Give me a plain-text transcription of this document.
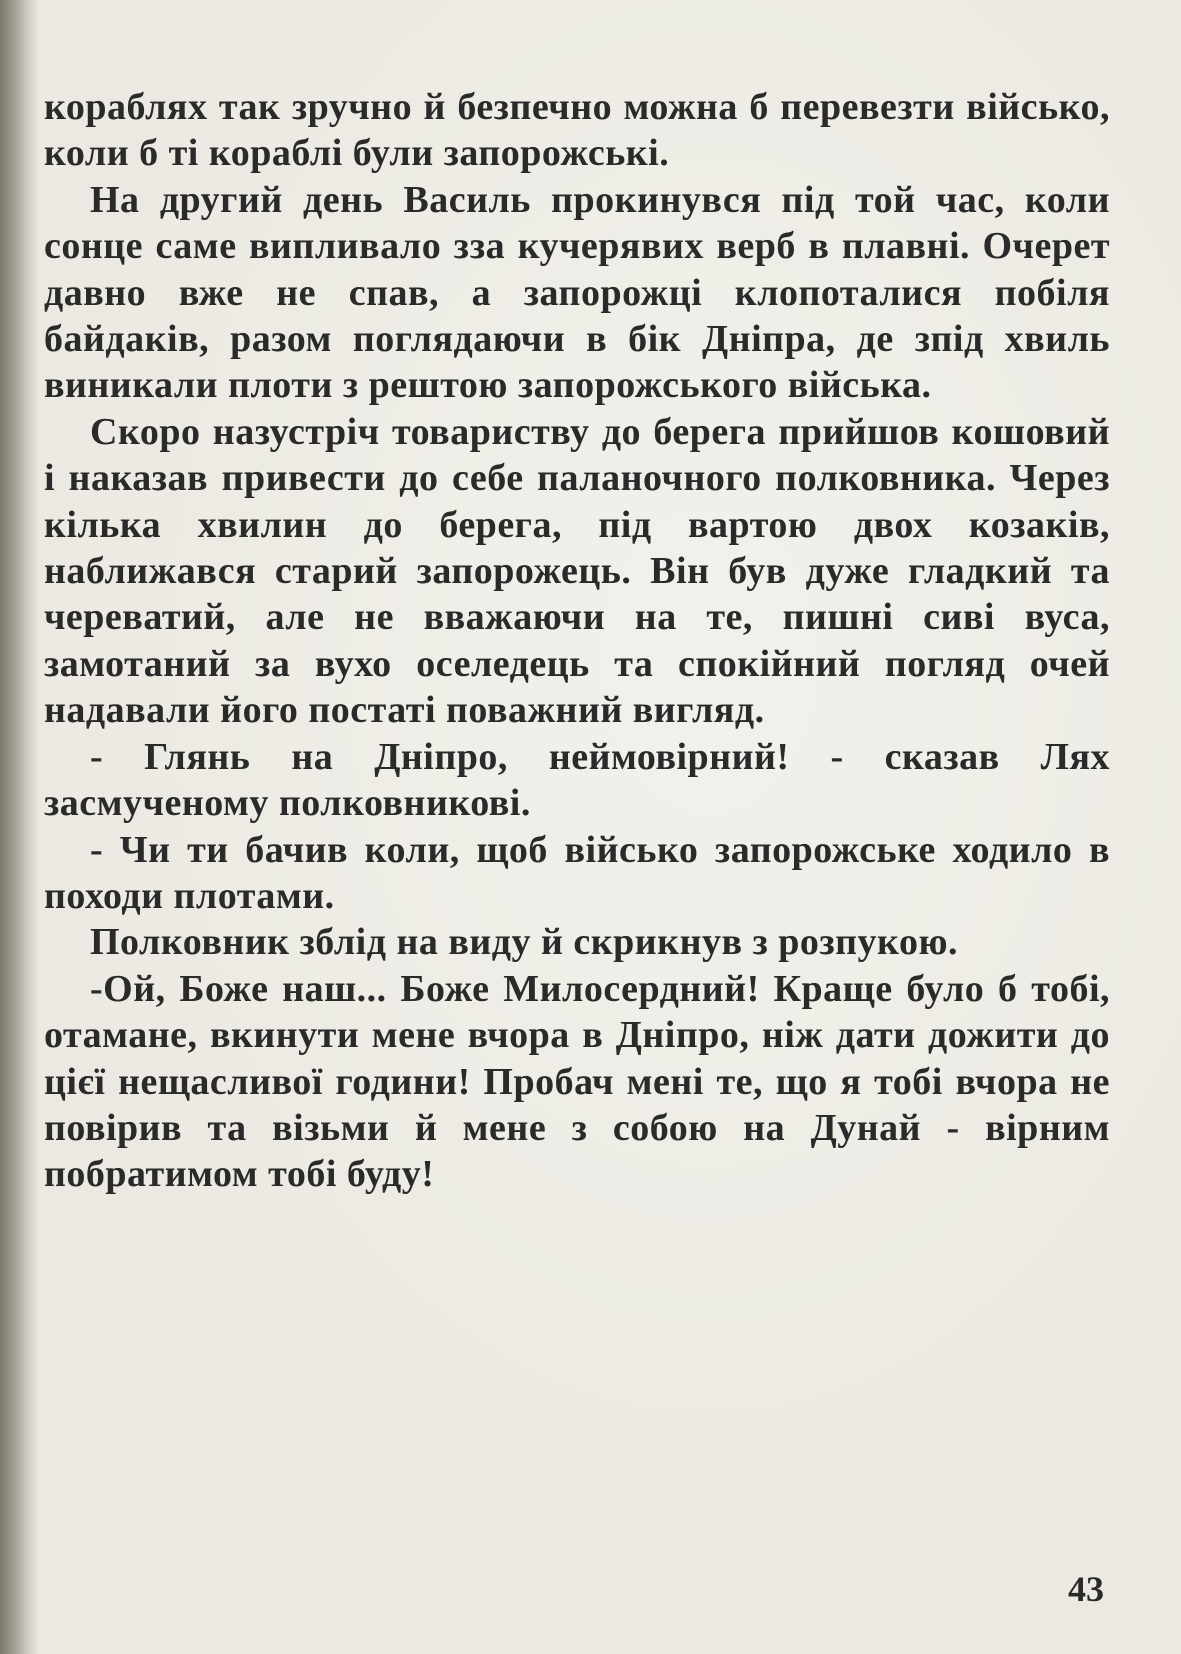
кораблях так зручно й безпечно можна б перевезти військо, коли б ті кораблі були запорожські.

На другий день Василь прокинувся під той час, коли сонце саме випливало зза кучерявих верб в плавні. Очерет давно вже не спав, а запорожці клопоталися побіля байдаків, разом поглядаючи в бік Дніпра, де зпід хвиль виникали плоти з рештою запорожського війська.

Скоро назустріч товариству до берега прийшов кошовий і наказав привести до себе паланочного полковника. Через кілька хвилин до берега, під вартою двох козаків, наближався старий запорожець. Він був дуже гладкий та череватий, але не вважаючи на те, пишні сиві вуса, замотаний за вухо оселедець та спокійний погляд очей надавали його постаті поважний вигляд.

- Глянь на Дніпро, неймовірний! - сказав Лях засмученому полковникові.

- Чи ти бачив коли, щоб військо запорожське ходило в походи плотами.

Полковник зблід на виду й скрикнув з розпукою.

-Ой, Боже наш... Боже Милосердний! Краще було б тобі, отамане, вкинути мене вчора в Дніпро, ніж дати дожити до цієї нещасливої години! Пробач мені те, що я тобі вчора не повірив та візьми й мене з собою на Дунай - вірним побратимом тобі буду!

43
